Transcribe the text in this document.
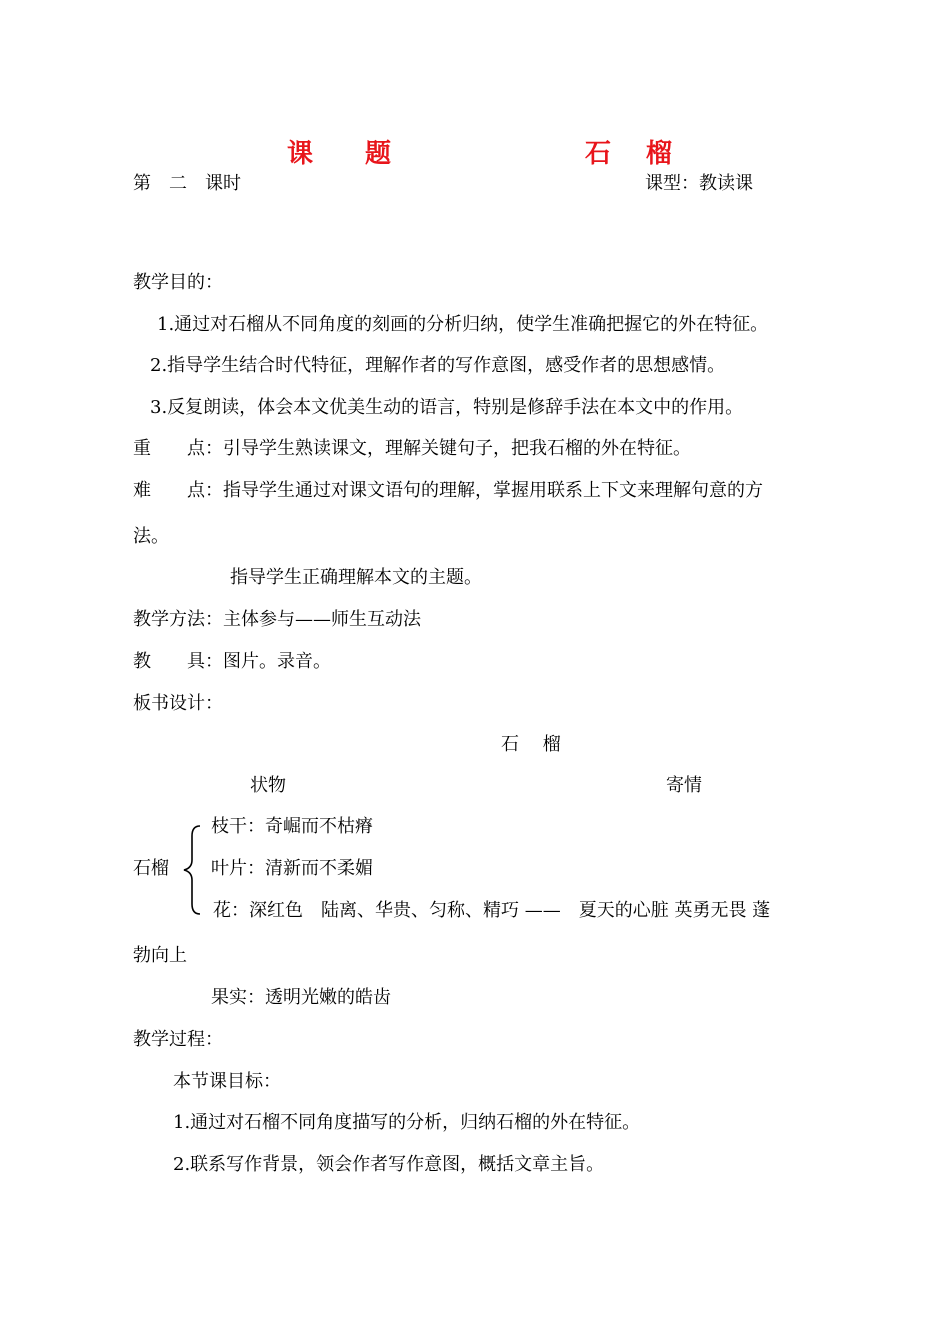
课　　题	石　 榴
第　二　课时	课型：教读课
教学目的：
1.通过对石榴从不同角度的刻画的分析归纳，使学生准确把握它的外在特征。
2.指导学生结合时代特征，理解作者的写作意图，感受作者的思想感情。
3.反复朗读，体会本文优美生动的语言，特别是修辞手法在本文中的作用。
重　　点：引导学生熟读课文，理解关键句子，把我石榴的外在特征。
难　　点：指导学生通过对课文语句的理解，掌握用联系上下文来理解句意的方
法。
指导学生正确理解本文的主题。
教学方法：主体参与——师生互动法
教　　具：图片。录音。
板书设计：
石　 榴
状物	寄情
石榴
枝干：奇崛而不枯瘠
叶片：清新而不柔媚
花：深红色　陆离、华贵、匀称、精巧 ——　夏天的心脏 英勇无畏 蓬
勃向上
果实：透明光嫩的皓齿
教学过程：
本节课目标：
1.通过对石榴不同角度描写的分析，归纳石榴的外在特征。
2.联系写作背景，领会作者写作意图，概括文章主旨。
